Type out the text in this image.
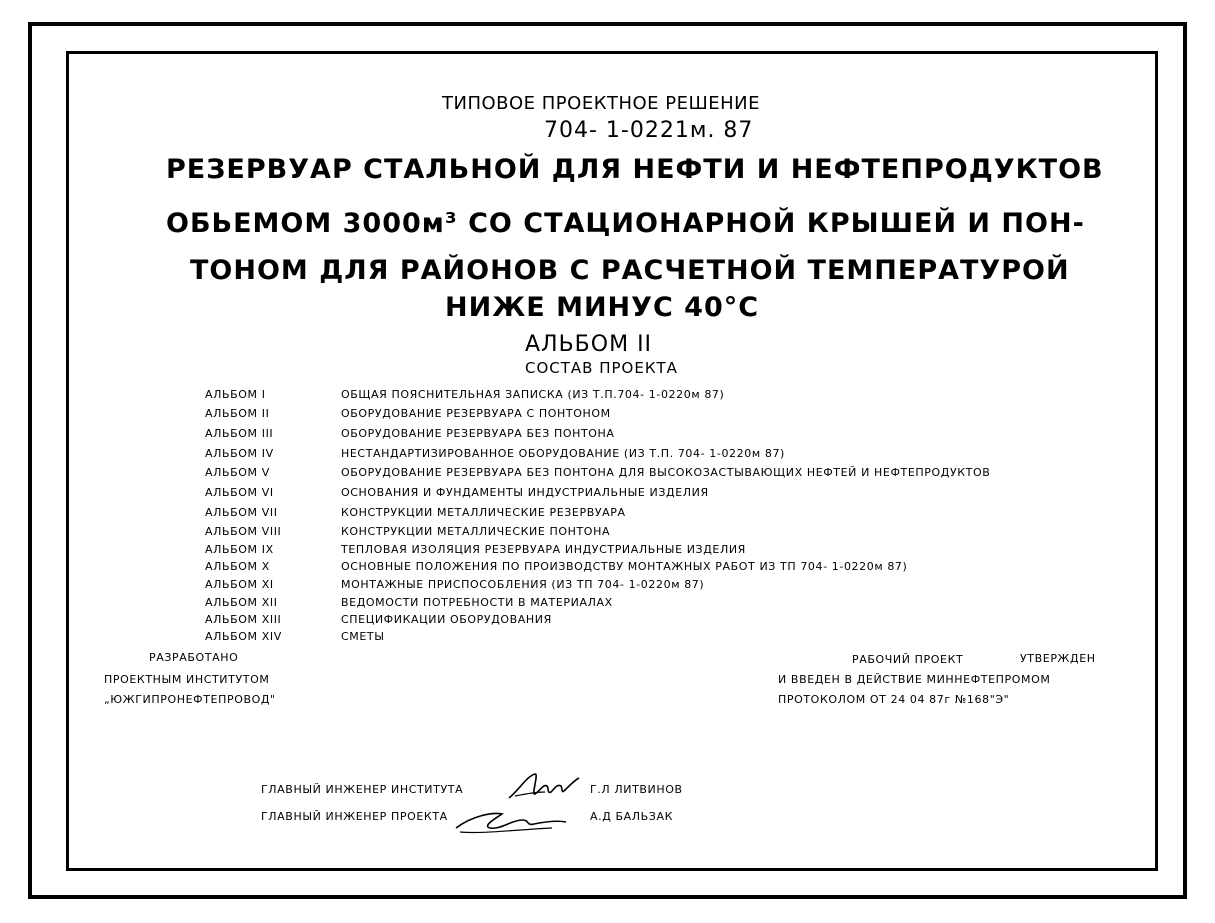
ТИПОВОЕ ПРОЕКТНОЕ РЕШЕНИЕ
704- 1-0221м. 87
РЕЗЕРВУАР СТАЛЬНОЙ ДЛЯ НЕФТИ И НЕФТЕПРОДУКТОВ
ОБЬЕМОМ 3000м³ СО СТАЦИОНАРНОЙ КРЫШЕЙ И ПОН-
ТОНОМ ДЛЯ РАЙОНОВ С РАСЧЕТНОЙ ТЕМПЕРАТУРОЙ
НИЖЕ МИНУС 40°С
АЛЬБОМ II
СОСТАВ ПРОЕКТА
АЛЬБОМ I	ОБЩАЯ ПОЯСНИТЕЛЬНАЯ ЗАПИСКА (ИЗ Т.П.704- 1-0220м 87)
АЛЬБОМ II	ОБОРУДОВАНИЕ РЕЗЕРВУАРА С ПОНТОНОМ
АЛЬБОМ III	ОБОРУДОВАНИЕ РЕЗЕРВУАРА БЕЗ ПОНТОНА
АЛЬБОМ IV	НЕСТАНДАРТИЗИРОВАННОЕ ОБОРУДОВАНИЕ (ИЗ Т.П. 704- 1-0220м 87)
АЛЬБОМ V	ОБОРУДОВАНИЕ РЕЗЕРВУАРА БЕЗ ПОНТОНА ДЛЯ ВЫСОКОЗАСТЫВАЮЩИХ НЕФТЕЙ И НЕФТЕПРОДУКТОВ
АЛЬБОМ VI	ОСНОВАНИЯ И ФУНДАМЕНТЫ ИНДУСТРИАЛЬНЫЕ ИЗДЕЛИЯ
АЛЬБОМ VII	КОНСТРУКЦИИ МЕТАЛЛИЧЕСКИЕ РЕЗЕРВУАРА
АЛЬБОМ VIII	КОНСТРУКЦИИ МЕТАЛЛИЧЕСКИЕ ПОНТОНА
АЛЬБОМ IX	ТЕПЛОВАЯ ИЗОЛЯЦИЯ РЕЗЕРВУАРА ИНДУСТРИАЛЬНЫЕ ИЗДЕЛИЯ
АЛЬБОМ X	ОСНОВНЫЕ ПОЛОЖЕНИЯ ПО ПРОИЗВОДСТВУ МОНТАЖНЫХ РАБОТ ИЗ ТП 704- 1-0220м 87)
АЛЬБОМ XI	МОНТАЖНЫЕ ПРИСПОСОБЛЕНИЯ (ИЗ ТП 704- 1-0220м 87)
АЛЬБОМ XII	ВЕДОМОСТИ ПОТРЕБНОСТИ В МАТЕРИАЛАХ
АЛЬБОМ XIII	СПЕЦИФИКАЦИИ ОБОРУДОВАНИЯ
АЛЬБОМ XIV	СМЕТЫ
РАЗРАБОТАНО
ПРОЕКТНЫМ ИНСТИТУТОМ
„ЮЖГИПРОНЕФТЕПРОВОД"
РАБОЧИЙ ПРОЕКТ	УТВЕРЖДЕН
И ВВЕДЕН В ДЕЙСТВИЕ МИННЕФТЕПРОМОМ
ПРОТОКОЛОМ ОТ 24 04 87г №168"Э"
ГЛАВНЫЙ ИНЖЕНЕР ИНСТИТУТА	Г.Л ЛИТВИНОВ
ГЛАВНЫЙ ИНЖЕНЕР ПРОЕКТА	А.Д БАЛЬЗАК
